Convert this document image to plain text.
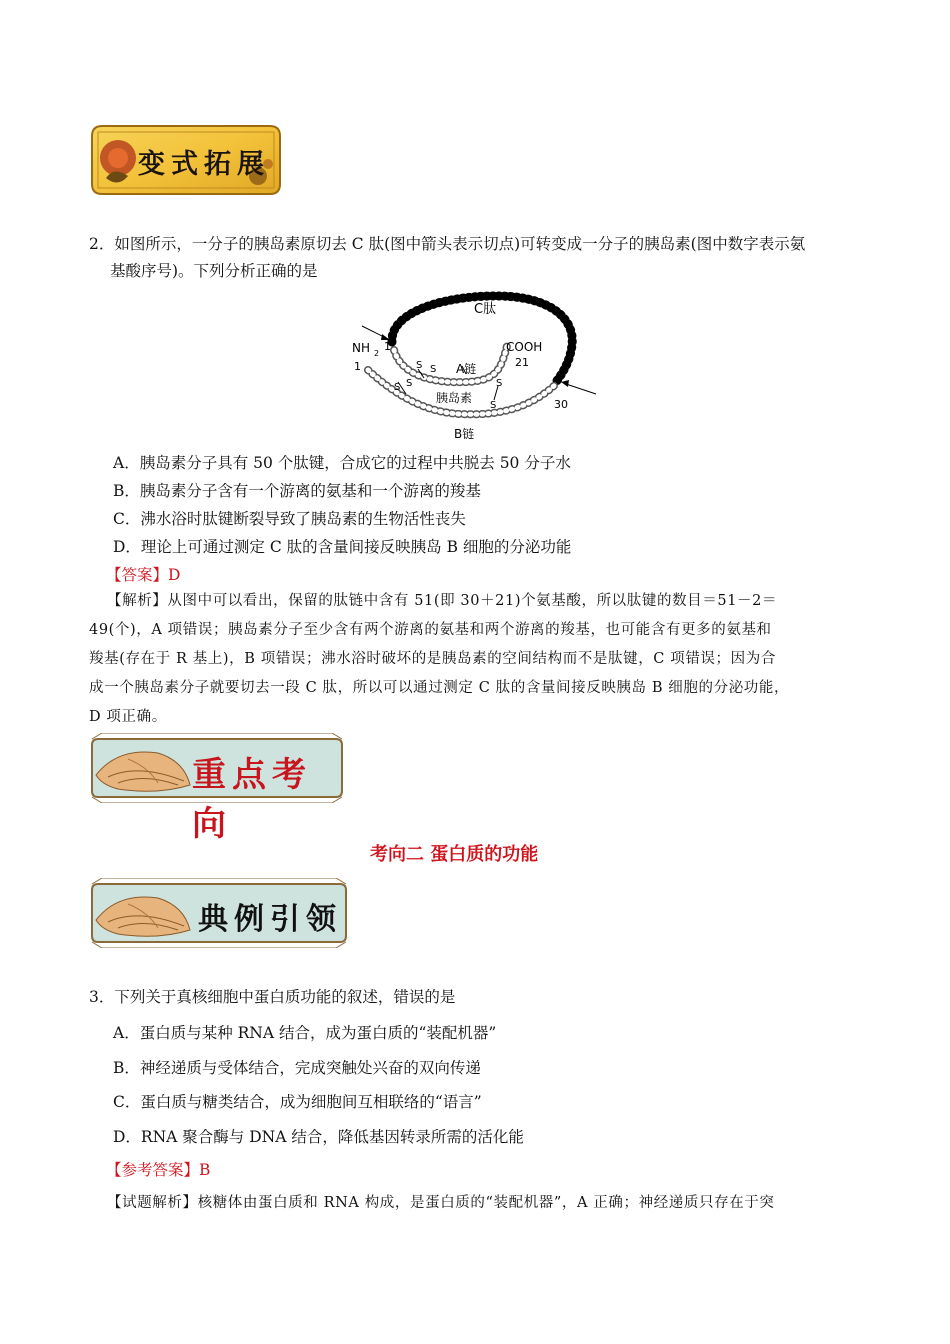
变式拓展
2．如图所示，一分子的胰岛素原切去 C 肽(图中箭头表示切点)可转变成一分子的胰岛素(图中数字表示氨
基酸序号)。下列分析正确的是
C肽
NH 2
1
1
COOH
21
A链
30
胰岛素
B链
S S
S S	S
S
A．胰岛素分子具有 50 个肽键，合成它的过程中共脱去 50 分子水
B．胰岛素分子含有一个游离的氨基和一个游离的羧基
C．沸水浴时肽键断裂导致了胰岛素的生物活性丧失
D．理论上可通过测定 C 肽的含量间接反映胰岛 B 细胞的分泌功能
【答案】D
【解析】从图中可以看出，保留的肽链中含有 51(即 30＋21)个氨基酸，所以肽键的数目＝51－2＝
49(个)，A 项错误；胰岛素分子至少含有两个游离的氨基和两个游离的羧基，也可能含有更多的氨基和
羧基(存在于 R 基上)，B 项错误；沸水浴时破坏的是胰岛素的空间结构而不是肽键，C 项错误；因为合
成一个胰岛素分子就要切去一段 C 肽，所以可以通过测定 C 肽的含量间接反映胰岛 B 细胞的分泌功能，
D 项正确。
重点考向
考向二 蛋白质的功能
典例引领
3．下列关于真核细胞中蛋白质功能的叙述，错误的是
A．蛋白质与某种 RNA 结合，成为蛋白质的“装配机器”
B．神经递质与受体结合，完成突触处兴奋的双向传递
C．蛋白质与糖类结合，成为细胞间互相联络的“语言”
D．RNA 聚合酶与 DNA 结合，降低基因转录所需的活化能
【参考答案】B
【试题解析】核糖体由蛋白质和 RNA 构成，是蛋白质的“装配机器”，A 正确；神经递质只存在于突
